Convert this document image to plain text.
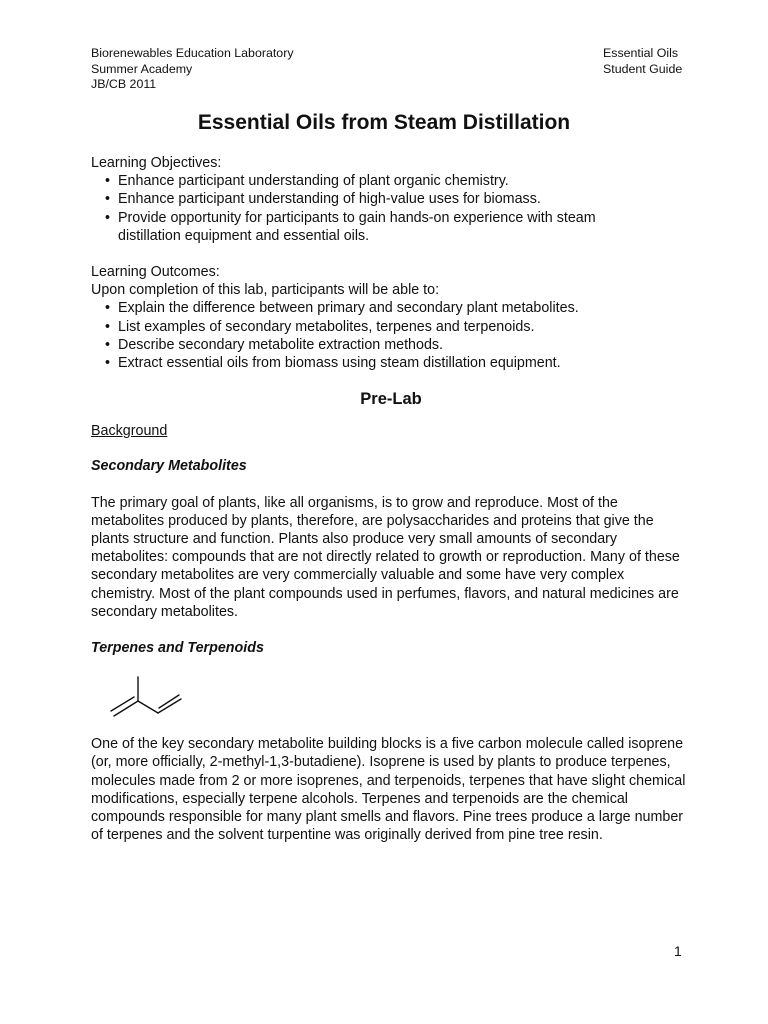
Biorenewables Education Laboratory
Summer Academy
JB/CB 2011
Essential Oils
Student Guide
Essential Oils from Steam Distillation

Learning Objectives:

• Enhance participant understanding of plant organic chemistry.
• Enhance participant understanding of high-value uses for biomass.
• Provide opportunity for participants to gain hands-on experience with steam distillation equipment and essential oils.

Learning Outcomes:

Upon completion of this lab, participants will be able to:

• Explain the difference between primary and secondary plant metabolites.
• List examples of secondary metabolites, terpenes and terpenoids.
• Describe secondary metabolite extraction methods.
• Extract essential oils from biomass using steam distillation equipment.

Pre-Lab

Background

Secondary Metabolites

The primary goal of plants, like all organisms, is to grow and reproduce. Most of the metabolites produced by plants, therefore, are polysaccharides and proteins that give the plants structure and function. Plants also produce very small amounts of secondary metabolites: compounds that are not directly related to growth or reproduction. Many of these secondary metabolites are very commercially valuable and some have very complex chemistry. Most of the plant compounds used in perfumes, flavors, and natural medicines are secondary metabolites.

Terpenes and Terpenoids

One of the key secondary metabolite building blocks is a five carbon molecule called isoprene (or, more officially, 2-methyl-1,3-butadiene). Isoprene is used by plants to produce terpenes, molecules made from 2 or more isoprenes, and terpenoids, terpenes that have slight chemical modifications, especially terpene alcohols. Terpenes and terpenoids are the chemical compounds responsible for many plant smells and flavors. Pine trees produce a large number of terpenes and the solvent turpentine was originally derived from pine tree resin.

1
